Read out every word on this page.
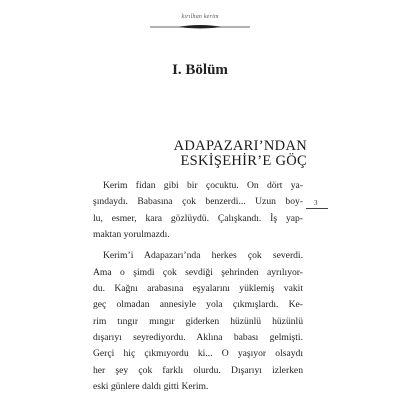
kırılhan kerim
I. Bölüm
ADAPAZARI’NDAN
ESKİŞEHİR’E GÖÇ
3
Kerim fidan gibi bir çocuktu. On dört ya-
şındaydı. Babasına çok benzerdi... Uzun boy-
lu, esmer, kara gözlüydü. Çalışkandı. İş yap-
maktan yorulmazdı.
Kerim’i Adapazarı’nda herkes çok severdi.
Ama o şimdi çok sevdiği şehrinden ayrılıyor-
du. Kağnı arabasına eşyalarını yüklemiş vakit
geç olmadan annesiyle yola çıkmışlardı. Ke-
rim tıngır mıngır giderken hüzünlü hüzünlü
dışarıyı seyrediyordu. Aklına babası gelmişti.
Gerçi hiç çıkmıyordu ki... O yaşıyor olsaydı
her şey çok farklı olurdu. Dışarıyı izlerken
eski günlere daldı gitti Kerim.
